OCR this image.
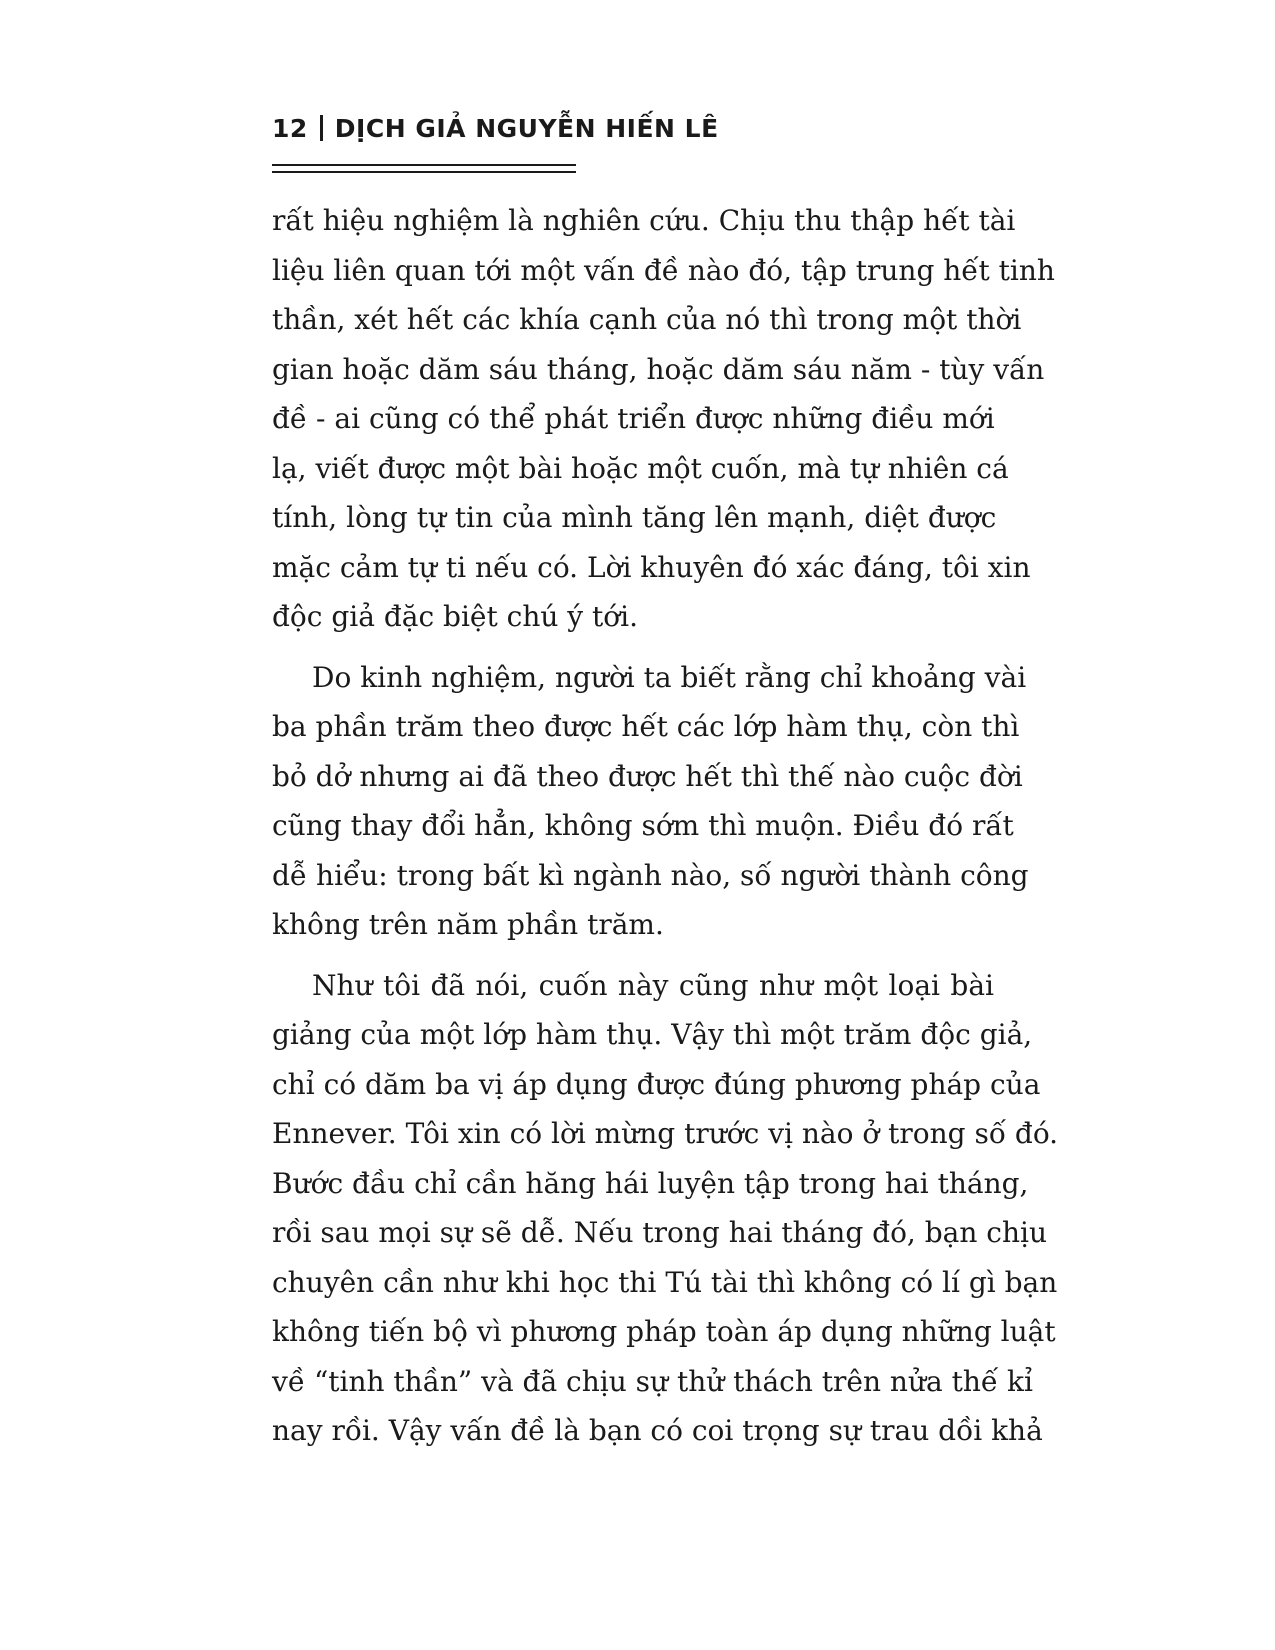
12 DỊCH GIẢ NGUYỄN HIẾN LÊ
rất hiệu nghiệm là nghiên cứu. Chịu thu thập hết tài
liệu liên quan tới một vấn đề nào đó, tập trung hết tinh
thần, xét hết các khía cạnh của nó thì trong một thời
gian hoặc dăm sáu tháng, hoặc dăm sáu năm - tùy vấn
đề - ai cũng có thể phát triển được những điều mới
lạ, viết được một bài hoặc một cuốn, mà tự nhiên cá
tính, lòng tự tin của mình tăng lên mạnh, diệt được
mặc cảm tự ti nếu có. Lời khuyên đó xác đáng, tôi xin
độc giả đặc biệt chú ý tới.
Do kinh nghiệm, người ta biết rằng chỉ khoảng vài
ba phần trăm theo được hết các lớp hàm thụ, còn thì
bỏ dở nhưng ai đã theo được hết thì thế nào cuộc đời
cũng thay đổi hẳn, không sớm thì muộn. Điều đó rất
dễ hiểu: trong bất kì ngành nào, số người thành công
không trên năm phần trăm.
Như tôi đã nói, cuốn này cũng như một loại bài
giảng của một lớp hàm thụ. Vậy thì một trăm độc giả,
chỉ có dăm ba vị áp dụng được đúng phương pháp của
Ennever. Tôi xin có lời mừng trước vị nào ở trong số đó.
Bước đầu chỉ cần hăng hái luyện tập trong hai tháng,
rồi sau mọi sự sẽ dễ. Nếu trong hai tháng đó, bạn chịu
chuyên cần như khi học thi Tú tài thì không có lí gì bạn
không tiến bộ vì phương pháp toàn áp dụng những luật
về “tinh thần” và đã chịu sự thử thách trên nửa thế kỉ
nay rồi. Vậy vấn đề là bạn có coi trọng sự trau dồi khả
